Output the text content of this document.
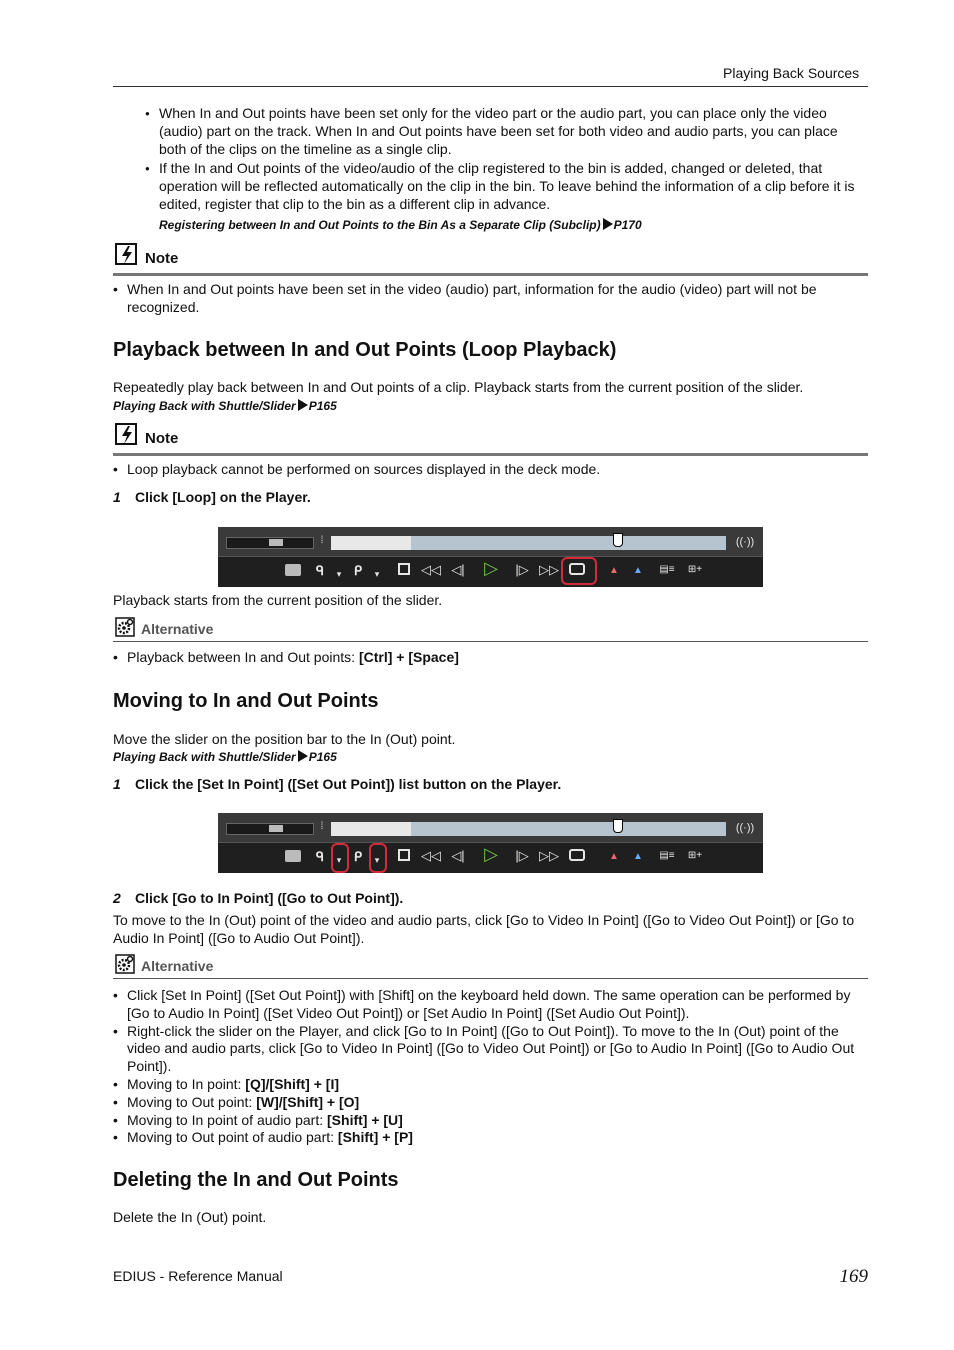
Playing Back Sources
● When In and Out points have been set only for the video part or the audio part, you can place only the video (audio) part on the track. When In and Out points have been set for both video and audio parts, you can place both of the clips on the timeline as a single clip.
● If the In and Out points of the video/audio of the clip registered to the bin is added, changed or deleted, that operation will be reflected automatically on the clip in the bin. To leave behind the information of a clip before it is edited, register that clip to the bin as a different clip in advance.
Registering between In and Out Points to the Bin As a Separate Clip (Subclip) P170
Note
• When In and Out points have been set in the video (audio) part, information for the audio (video) part will not be recognized.
Playback between In and Out Points (Loop Playback)
Repeatedly play back between In and Out points of a clip. Playback starts from the current position of the slider.
Playing Back with Shuttle/Slider P165
Note
• Loop playback cannot be performed on sources displayed in the deck mode.
1 Click [Loop] on the Player.
⁞	((·))
ᑫ	▾ ᑭ	▾	◁◁ ◁| ▷ |▷ ▷▷	▲	▲	▤≡	⊞+
Playback starts from the current position of the slider.
Alternative
• Playback between In and Out points: [Ctrl] + [Space]
Moving to In and Out Points
Move the slider on the position bar to the In (Out) point.
Playing Back with Shuttle/Slider P165
1 Click the [Set In Point] ([Set Out Point]) list button on the Player.
⁞	((·))
ᑫ	▾ ᑭ	▾	◁◁ ◁| ▷ |▷ ▷▷	▲	▲	▤≡	⊞+
2 Click [Go to In Point] ([Go to Out Point]).
To move to the In (Out) point of the video and audio parts, click [Go to Video In Point] ([Go to Video Out Point]) or [Go to Audio In Point] ([Go to Audio Out Point]).
Alternative
• Click [Set In Point] ([Set Out Point]) with [Shift] on the keyboard held down. The same operation can be performed by [Go to Audio In Point] ([Set Video Out Point]) or [Set Audio In Point] ([Set Audio Out Point]).
• Right-click the slider on the Player, and click [Go to In Point] ([Go to Out Point]). To move to the In (Out) point of the video and audio parts, click [Go to Video In Point] ([Go to Video Out Point]) or [Go to Audio In Point] ([Go to Audio Out Point]).
• Moving to In point: [Q]/[Shift] + [I]
• Moving to Out point: [W]/[Shift] + [O]
• Moving to In point of audio part: [Shift] + [U]
• Moving to Out point of audio part: [Shift] + [P]
Deleting the In and Out Points
Delete the In (Out) point.
EDIUS - Reference Manual	169
